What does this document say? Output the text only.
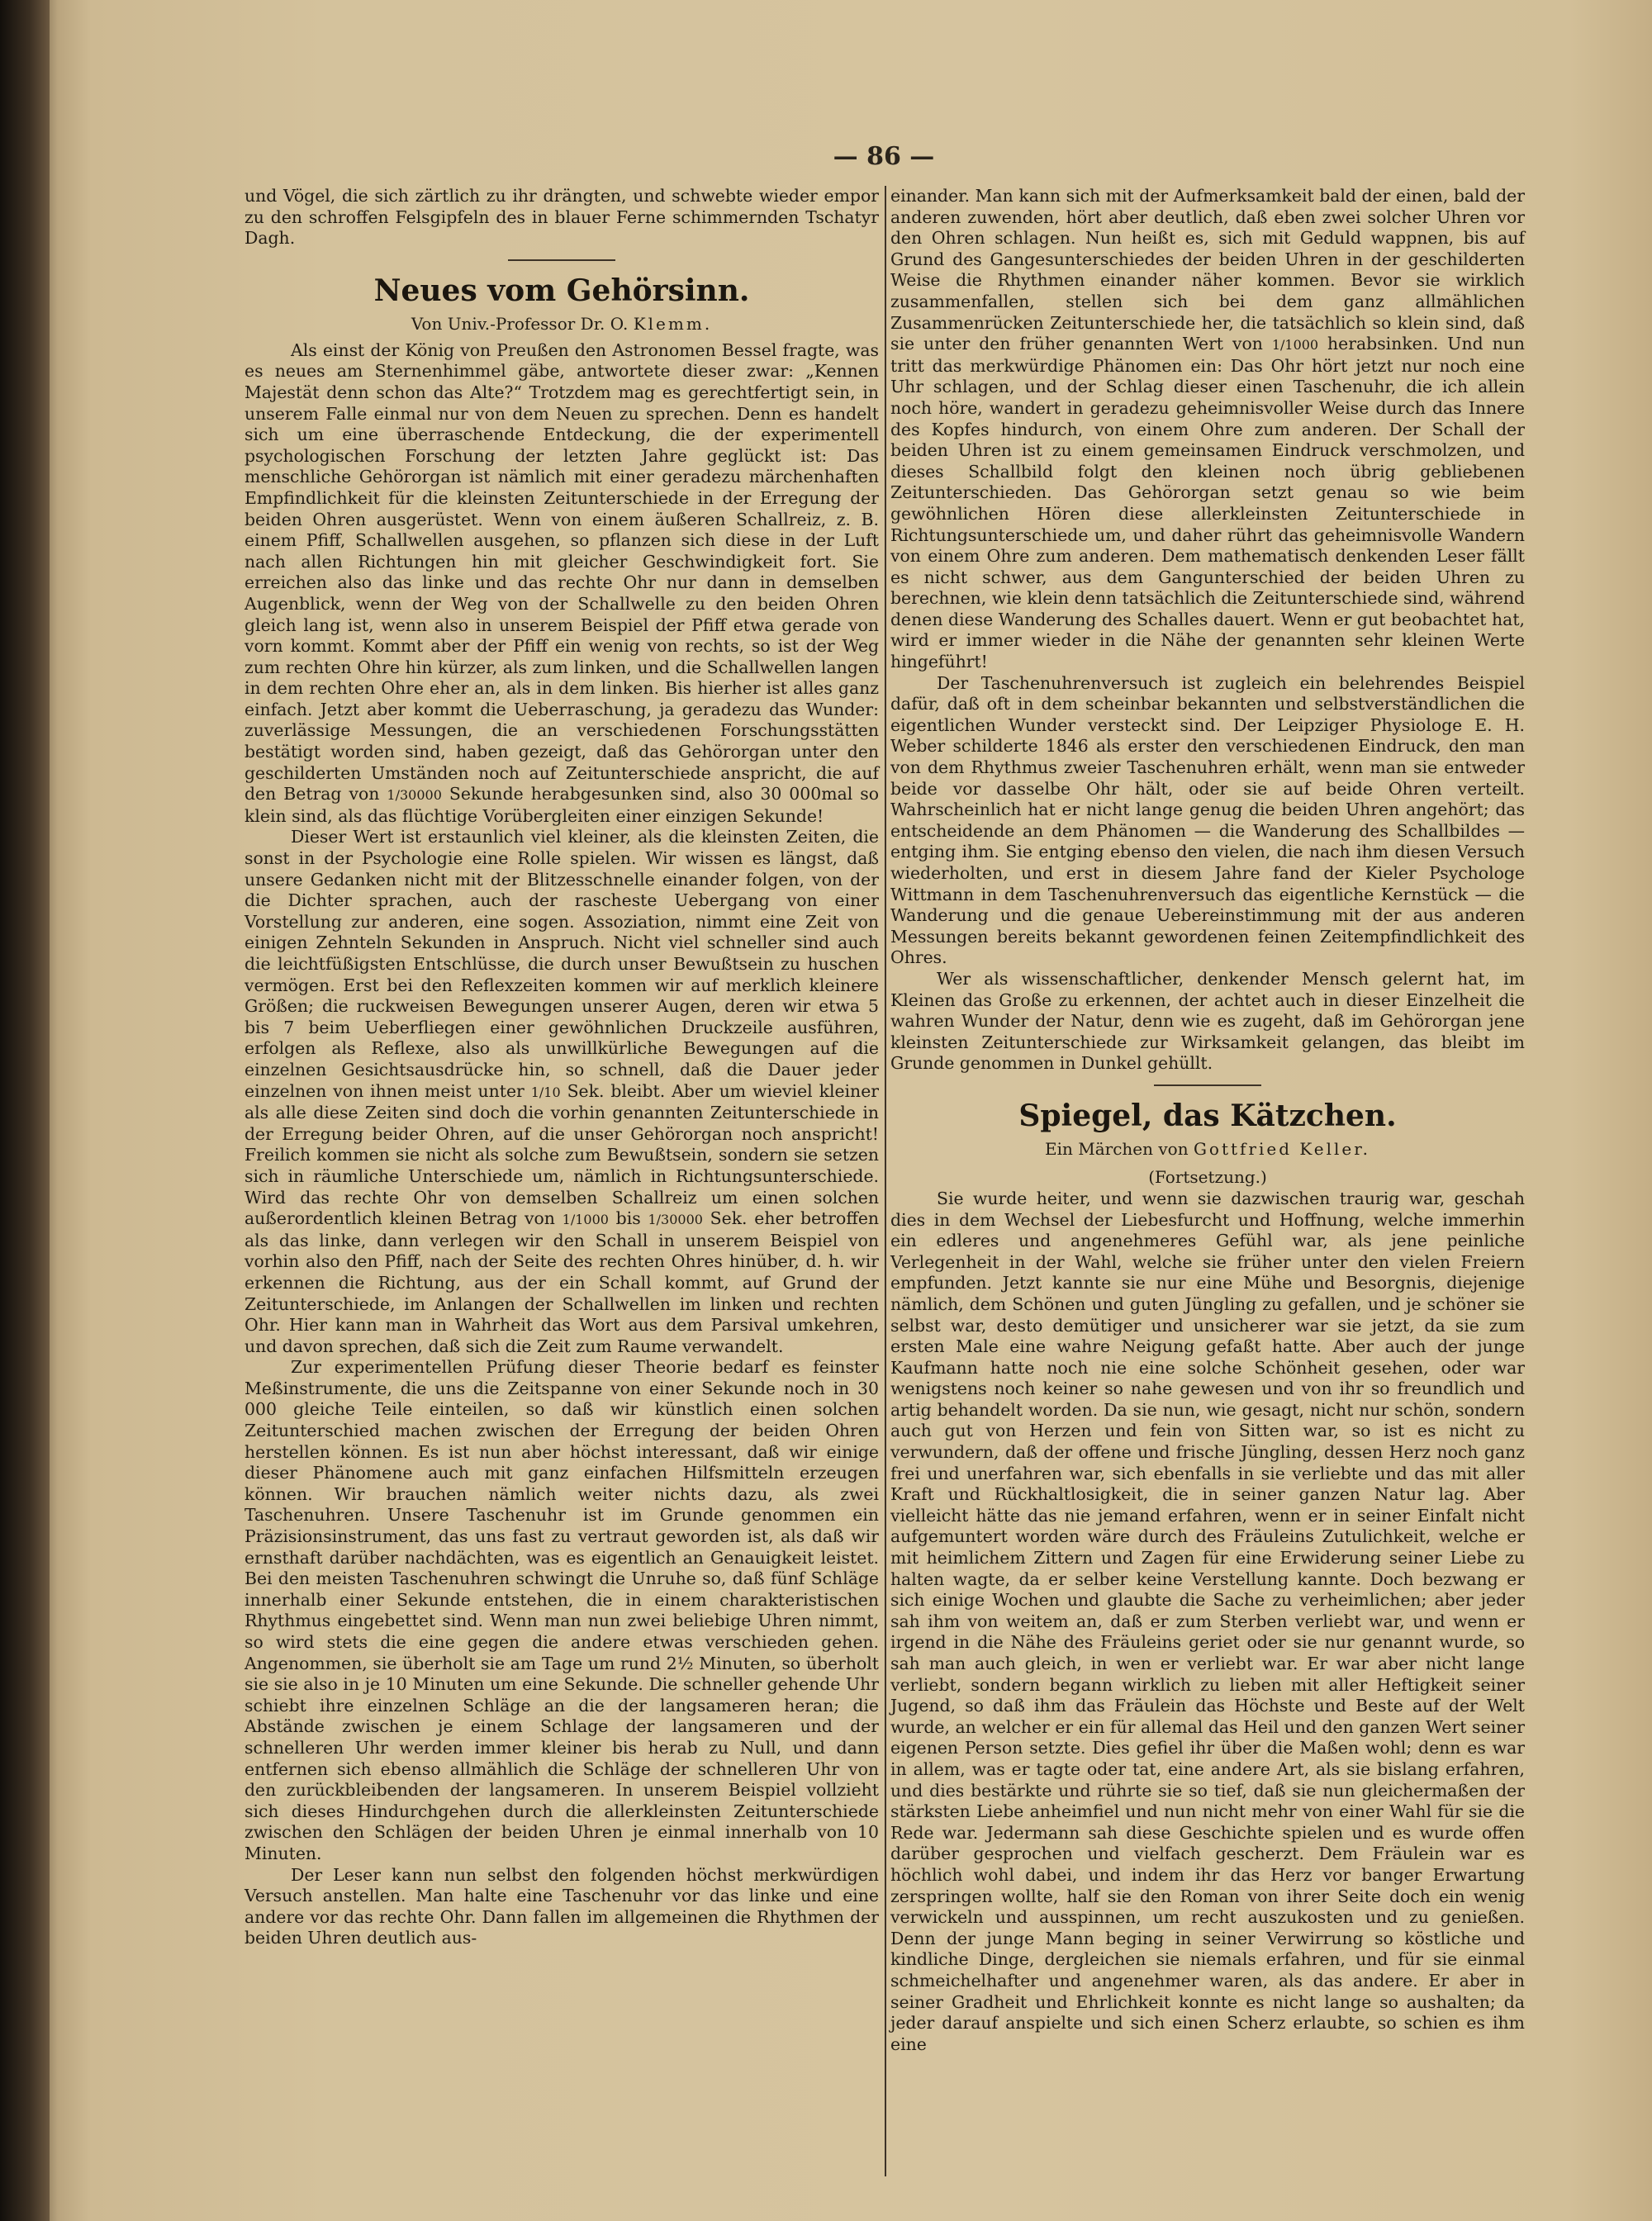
— 86 —

und Vögel, die sich zärtlich zu ihr drängten, und schwebte wieder empor zu den schroffen Felsgipfeln des in blauer Ferne schimmernden Tschatyr Dagh.

Neues vom Gehörsinn.
Von Univ.-Professor Dr. O. Klemm.

Als einst der König von Preußen den Astronomen Bessel fragte, was es neues am Sternenhimmel gäbe, antwortete dieser zwar: „Kennen Majestät denn schon das Alte?“ Trotzdem mag es gerechtfertigt sein, in unserem Falle einmal nur von dem Neuen zu sprechen. Denn es handelt sich um eine überraschende Entdeckung, die der experimentell psychologischen Forschung der letzten Jahre geglückt ist: Das menschliche Gehörorgan ist nämlich mit einer geradezu märchenhaften Empfindlichkeit für die kleinsten Zeitunterschiede in der Erregung der beiden Ohren ausgerüstet. Wenn von einem äußeren Schallreiz, z. B. einem Pfiff, Schallwellen ausgehen, so pflanzen sich diese in der Luft nach allen Richtungen hin mit gleicher Geschwindigkeit fort. Sie erreichen also das linke und das rechte Ohr nur dann in demselben Augenblick, wenn der Weg von der Schallwelle zu den beiden Ohren gleich lang ist, wenn also in unserem Beispiel der Pfiff etwa gerade von vorn kommt. Kommt aber der Pfiff ein wenig von rechts, so ist der Weg zum rechten Ohre hin kürzer, als zum linken, und die Schallwellen langen in dem rechten Ohre eher an, als in dem linken. Bis hierher ist alles ganz einfach. Jetzt aber kommt die Ueberraschung, ja geradezu das Wunder: zuverlässige Messungen, die an verschiedenen Forschungsstätten bestätigt worden sind, haben gezeigt, daß das Gehörorgan unter den geschilderten Umständen noch auf Zeitunterschiede anspricht, die auf den Betrag von 1/30000 Sekunde herabgesunken sind, also 30 000mal so klein sind, als das flüchtige Vorübergleiten einer einzigen Sekunde!

Dieser Wert ist erstaunlich viel kleiner, als die kleinsten Zeiten, die sonst in der Psychologie eine Rolle spielen. Wir wissen es längst, daß unsere Gedanken nicht mit der Blitzesschnelle einander folgen, von der die Dichter sprachen, auch der rascheste Uebergang von einer Vorstellung zur anderen, eine sogen. Assoziation, nimmt eine Zeit von einigen Zehnteln Sekunden in Anspruch. Nicht viel schneller sind auch die leichtfüßigsten Entschlüsse, die durch unser Bewußtsein zu huschen vermögen. Erst bei den Reflexzeiten kommen wir auf merklich kleinere Größen; die ruckweisen Bewegungen unserer Augen, deren wir etwa 5 bis 7 beim Ueberfliegen einer gewöhnlichen Druckzeile ausführen, erfolgen als Reflexe, also als unwillkürliche Bewegungen auf die einzelnen Gesichtsausdrücke hin, so schnell, daß die Dauer jeder einzelnen von ihnen meist unter 1/10 Sek. bleibt. Aber um wieviel kleiner als alle diese Zeiten sind doch die vorhin genannten Zeitunterschiede in der Erregung beider Ohren, auf die unser Gehörorgan noch anspricht! Freilich kommen sie nicht als solche zum Bewußtsein, sondern sie setzen sich in räumliche Unterschiede um, nämlich in Richtungsunterschiede. Wird das rechte Ohr von demselben Schallreiz um einen solchen außerordentlich kleinen Betrag von 1/1000 bis 1/30000 Sek. eher betroffen als das linke, dann verlegen wir den Schall in unserem Beispiel von vorhin also den Pfiff, nach der Seite des rechten Ohres hinüber, d. h. wir erkennen die Richtung, aus der ein Schall kommt, auf Grund der Zeitunterschiede, im Anlangen der Schallwellen im linken und rechten Ohr. Hier kann man in Wahrheit das Wort aus dem Parsival umkehren, und davon sprechen, daß sich die Zeit zum Raume verwandelt.

Zur experimentellen Prüfung dieser Theorie bedarf es feinster Meßinstrumente, die uns die Zeitspanne von einer Sekunde noch in 30 000 gleiche Teile einteilen, so daß wir künstlich einen solchen Zeitunterschied machen zwischen der Erregung der beiden Ohren herstellen können. Es ist nun aber höchst interessant, daß wir einige dieser Phänomene auch mit ganz einfachen Hilfsmitteln erzeugen können. Wir brauchen nämlich weiter nichts dazu, als zwei Taschenuhren. Unsere Taschenuhr ist im Grunde genommen ein Präzisionsinstrument, das uns fast zu vertraut geworden ist, als daß wir ernsthaft darüber nachdächten, was es eigentlich an Genauigkeit leistet. Bei den meisten Taschenuhren schwingt die Unruhe so, daß fünf Schläge innerhalb einer Sekunde entstehen, die in einem charakteristischen Rhythmus eingebettet sind. Wenn man nun zwei beliebige Uhren nimmt, so wird stets die eine gegen die andere etwas verschieden gehen. Angenommen, sie überholt sie am Tage um rund 2½ Minuten, so überholt sie sie also in je 10 Minuten um eine Sekunde. Die schneller gehende Uhr schiebt ihre einzelnen Schläge an die der langsameren heran; die Abstände zwischen je einem Schlage der langsameren und der schnelleren Uhr werden immer kleiner bis herab zu Null, und dann entfernen sich ebenso allmählich die Schläge der schnelleren Uhr von den zurückbleibenden der langsameren. In unserem Beispiel vollzieht sich dieses Hindurchgehen durch die allerkleinsten Zeitunterschiede zwischen den Schlägen der beiden Uhren je einmal innerhalb von 10 Minuten.

Der Leser kann nun selbst den folgenden höchst merkwürdigen Versuch anstellen. Man halte eine Taschenuhr vor das linke und eine andere vor das rechte Ohr. Dann fallen im allgemeinen die Rhythmen der beiden Uhren deutlich aus-

einander. Man kann sich mit der Aufmerksamkeit bald der einen, bald der anderen zuwenden, hört aber deutlich, daß eben zwei solcher Uhren vor den Ohren schlagen. Nun heißt es, sich mit Geduld wappnen, bis auf Grund des Gangesunterschiedes der beiden Uhren in der geschilderten Weise die Rhythmen einander näher kommen. Bevor sie wirklich zusammenfallen, stellen sich bei dem ganz allmählichen Zusammenrücken Zeitunterschiede her, die tatsächlich so klein sind, daß sie unter den früher genannten Wert von 1/1000 herabsinken. Und nun tritt das merkwürdige Phänomen ein: Das Ohr hört jetzt nur noch eine Uhr schlagen, und der Schlag dieser einen Taschenuhr, die ich allein noch höre, wandert in geradezu geheimnisvoller Weise durch das Innere des Kopfes hindurch, von einem Ohre zum anderen. Der Schall der beiden Uhren ist zu einem gemeinsamen Eindruck verschmolzen, und dieses Schallbild folgt den kleinen noch übrig gebliebenen Zeitunterschieden. Das Gehörorgan setzt genau so wie beim gewöhnlichen Hören diese allerkleinsten Zeitunterschiede in Richtungsunterschiede um, und daher rührt das geheimnisvolle Wandern von einem Ohre zum anderen. Dem mathematisch denkenden Leser fällt es nicht schwer, aus dem Gangunterschied der beiden Uhren zu berechnen, wie klein denn tatsächlich die Zeitunterschiede sind, während denen diese Wanderung des Schalles dauert. Wenn er gut beobachtet hat, wird er immer wieder in die Nähe der genannten sehr kleinen Werte hingeführt!

Der Taschenuhrenversuch ist zugleich ein belehrendes Beispiel dafür, daß oft in dem scheinbar bekannten und selbstverständlichen die eigentlichen Wunder versteckt sind. Der Leipziger Physiologe E. H. Weber schilderte 1846 als erster den verschiedenen Eindruck, den man von dem Rhythmus zweier Taschenuhren erhält, wenn man sie entweder beide vor dasselbe Ohr hält, oder sie auf beide Ohren verteilt. Wahrscheinlich hat er nicht lange genug die beiden Uhren angehört; das entscheidende an dem Phänomen — die Wanderung des Schallbildes — entging ihm. Sie entging ebenso den vielen, die nach ihm diesen Versuch wiederholten, und erst in diesem Jahre fand der Kieler Psychologe Wittmann in dem Taschenuhrenversuch das eigentliche Kernstück — die Wanderung und die genaue Uebereinstimmung mit der aus anderen Messungen bereits bekannt gewordenen feinen Zeitempfindlichkeit des Ohres.

Wer als wissenschaftlicher, denkender Mensch gelernt hat, im Kleinen das Große zu erkennen, der achtet auch in dieser Einzelheit die wahren Wunder der Natur, denn wie es zugeht, daß im Gehörorgan jene kleinsten Zeitunterschiede zur Wirksamkeit gelangen, das bleibt im Grunde genommen in Dunkel gehüllt.

Spiegel, das Kätzchen.
Ein Märchen von Gottfried Keller.
(Fortsetzung.)

Sie wurde heiter, und wenn sie dazwischen traurig war, geschah dies in dem Wechsel der Liebesfurcht und Hoffnung, welche immerhin ein edleres und angenehmeres Gefühl war, als jene peinliche Verlegenheit in der Wahl, welche sie früher unter den vielen Freiern empfunden. Jetzt kannte sie nur eine Mühe und Besorgnis, diejenige nämlich, dem Schönen und guten Jüngling zu gefallen, und je schöner sie selbst war, desto demütiger und unsicherer war sie jetzt, da sie zum ersten Male eine wahre Neigung gefaßt hatte. Aber auch der junge Kaufmann hatte noch nie eine solche Schönheit gesehen, oder war wenigstens noch keiner so nahe gewesen und von ihr so freundlich und artig behandelt worden. Da sie nun, wie gesagt, nicht nur schön, sondern auch gut von Herzen und fein von Sitten war, so ist es nicht zu verwundern, daß der offene und frische Jüngling, dessen Herz noch ganz frei und unerfahren war, sich ebenfalls in sie verliebte und das mit aller Kraft und Rückhaltlosigkeit, die in seiner ganzen Natur lag. Aber vielleicht hätte das nie jemand erfahren, wenn er in seiner Einfalt nicht aufgemuntert worden wäre durch des Fräuleins Zutulichkeit, welche er mit heimlichem Zittern und Zagen für eine Erwiderung seiner Liebe zu halten wagte, da er selber keine Verstellung kannte. Doch bezwang er sich einige Wochen und glaubte die Sache zu verheimlichen; aber jeder sah ihm von weitem an, daß er zum Sterben verliebt war, und wenn er irgend in die Nähe des Fräuleins geriet oder sie nur genannt wurde, so sah man auch gleich, in wen er verliebt war. Er war aber nicht lange verliebt, sondern begann wirklich zu lieben mit aller Heftigkeit seiner Jugend, so daß ihm das Fräulein das Höchste und Beste auf der Welt wurde, an welcher er ein für allemal das Heil und den ganzen Wert seiner eigenen Person setzte. Dies gefiel ihr über die Maßen wohl; denn es war in allem, was er tagte oder tat, eine andere Art, als sie bislang erfahren, und dies bestärkte und rührte sie so tief, daß sie nun gleichermaßen der stärksten Liebe anheimfiel und nun nicht mehr von einer Wahl für sie die Rede war. Jedermann sah diese Geschichte spielen und es wurde offen darüber gesprochen und vielfach gescherzt. Dem Fräulein war es höchlich wohl dabei, und indem ihr das Herz vor banger Erwartung zerspringen wollte, half sie den Roman von ihrer Seite doch ein wenig verwickeln und ausspinnen, um recht auszukosten und zu genießen. Denn der junge Mann beging in seiner Verwirrung so köstliche und kindliche Dinge, dergleichen sie niemals erfahren, und für sie einmal schmeichelhafter und angenehmer waren, als das andere. Er aber in seiner Gradheit und Ehrlichkeit konnte es nicht lange so aushalten; da jeder darauf anspielte und sich einen Scherz erlaubte, so schien es ihm eine
